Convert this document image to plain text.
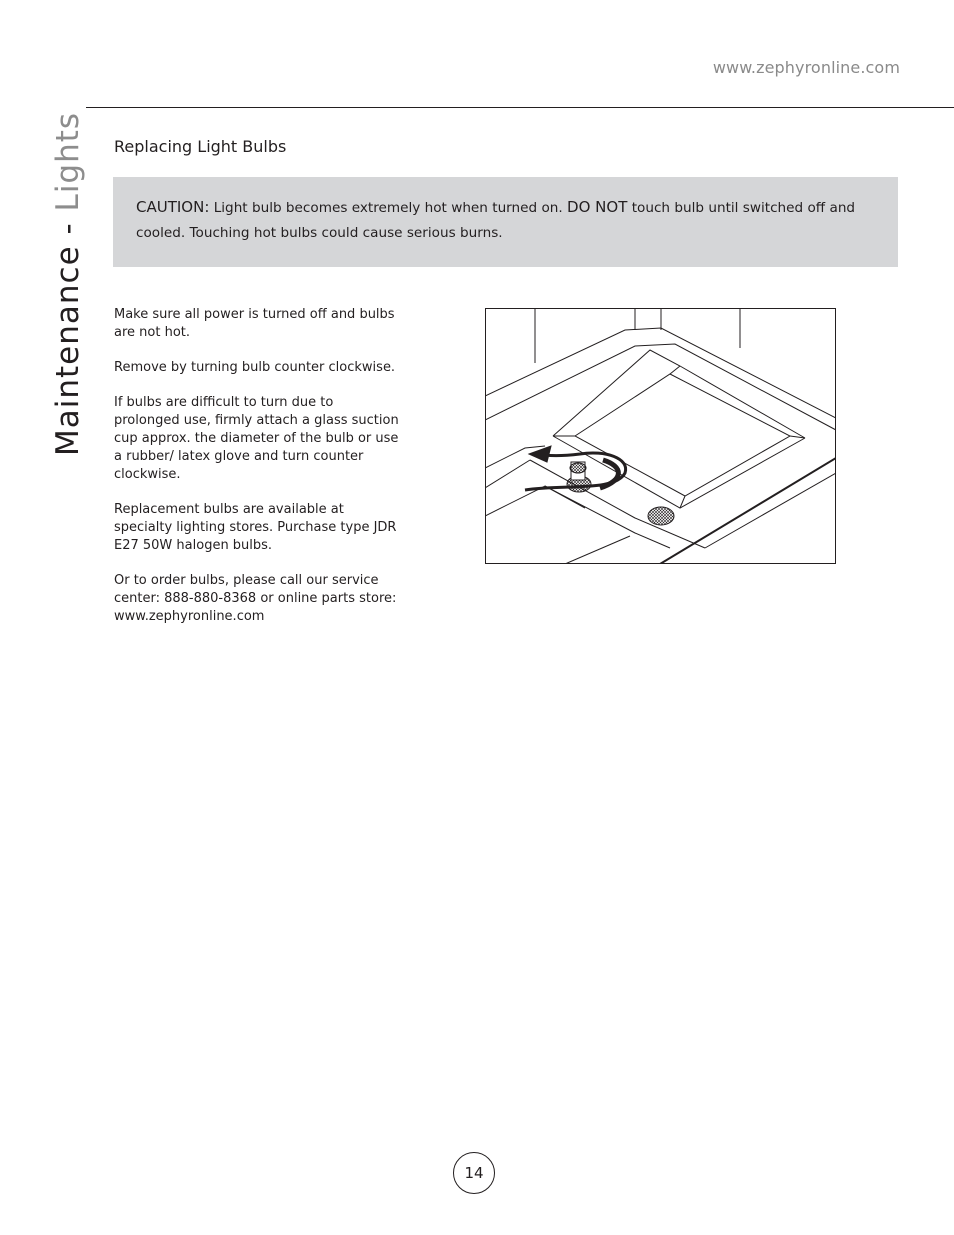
www.zephyronline.com
Maintenance - Lights Replacing Light Bulbs
CAUTION: Light bulb becomes extremely hot when turned on. DO NOT touch bulb until switched off and cooled. Touching hot bulbs could cause serious burns.

Make sure all power is turned off and bulbs are not hot.

Remove by turning bulb counter clockwise.

If bulbs are difficult to turn due to prolonged use, firmly attach a glass suction cup approx. the diameter of the bulb or use a rubber/ latex glove and turn counter clockwise.

Replacement bulbs are available at specialty lighting stores. Purchase type JDR E27 50W halogen bulbs.

Or to order bulbs, please call our service center: 888-880-8368 or online parts store: www.zephyronline.com

14
